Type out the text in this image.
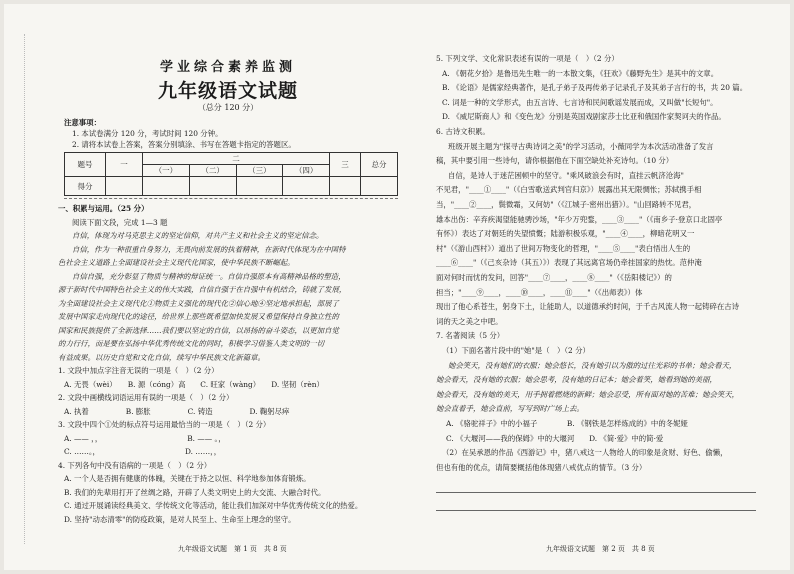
学业综合素养监测
九年级语文试题
（总分 120 分）
注意事项：
1. 本试卷满分 120 分，考试时间 120 分钟。
2. 请将本试卷上答案，答案分别填涂、书写在答题卡指定的答题区。
题号	一	二				三	总分
		（一）	（二）	（三）	（四）		
得分							
一、积累与运用。（25 分）
阅读下面文段，完成 1—3 题
自信，体现为对马克思主义的坚定信仰，对共产主义和社会主义的坚定信念。
自信，作为一种很重自身努力，无畏向前发展的执着精神，在新时代体现为在中国特
色社会主义道路上全面建设社会主义现代化国家，使中华民族不断崛起。
自信自强，充分彰显了物质与精神的辩证统一。自信自强原本有高精神品格的塑造，
源于新时代中国特色社会主义的伟大实践，自信自强于在自强中有机结合，铸就了发展，
为全面建设社会主义现代化①物质主义强化的现代化②信心地④坚定地承担起，部展了
发展中国家走向现代化的途径，给世界上那些既希望加快发展又希望保持自身独立性的
国家和民族提供了全新选择……我们要以坚定的自信，以昂扬的奋斗姿态，以更加自觉
的力行行，而是要在弘扬中华优秀传统文化的同时，积极学习借鉴人类文明的一切
有益成果。以历史自觉和文化自信，续写中华民族文化新篇章。
1. 文段中加点字注音无误的一项是（　）（2 分）
A. 无畏（wèi）　　B. 源（cóng）高　　C. 旺家（wàng）　　D. 坚韧（rèn）
2. 文段中画横线词语运用有误的一项是（　）（2 分）
A. 执着　　　　　B. 膨胀　　　　　C. 铸造　　　　　D. 鞠躬尽瘁
3. 文段中四个①处的标点符号运用最恰当的一项是（　）（2 分）
A. —— ，，　　　　　　　　　　　　B. —— 。，
C. ……。，　　　　　　　　　　　　D. ……，，
4. 下列各句中没有语病的一项是（　）（2 分）
A. 一个人是否拥有健康的体魄，关键在于持之以恒、科学地参加体育锻炼。
B. 我们的先辈用打开了丝绸之路，开辟了人类文明史上的大交流、大融合时代。
C. 通过开展诵读经典美文、学传统文化等活动，能让我们加深对中华优秀传统文化的热爱。
D. 坚持"动态清零"的防疫政策，是对人民至上、生命至上理念的坚守。
九年级语文试题　第 1 页　共 8 页
5. 下列文学、文化常识表述有误的一项是（　）（2 分）
A. 《朝花夕拾》是鲁迅先生唯一的一本散文集，《狂欢》《藤野先生》是其中的文章。
B. 《论语》是儒家经典著作，是孔子弟子及再传弟子记录孔子及其弟子言行的书，共 20 篇。
C. 词是一种的文学形式，由五言诗、七言诗和民间歌谣发展而成，又叫做"长短句"。
D. 《威尼斯商人》和《变色龙》分别是英国戏剧家莎士比亚和俄国作家契诃夫的作品。
6. 古诗文积累。
班级开展主题为"探寻古典诗词之美"的学习活动，小薇同学为本次活动准备了发言
稿，其中要引用一些诗句，请你根据他在下面空缺处补充诗句。（10 分）
自信，是诗人于迷茫困顿中的坚守。"乘风破浪会有时，直挂云帆济沧海"
不见君，"____①____"（《白雪歌送武判官归京》）展露出其无限惆怅；苏轼携手相
当，"____②____，鬓微霜，又何妨"（《江城子·密州出猎》）。"山回路转不见君，
雄本出伤：辛弃疾渴望能驰骋沙场，"年少万兜鍪，____③____"（《南乡子·登京口北固亭
有怀》）表达了对朝廷的失望愤慨；陆游积极乐观，"____④____，柳暗花明又一
村"（《游山西村》）道出了世间万物变化的哲理，"____⑤____"表白悟出人生的
____⑥____"（《己亥杂诗（其五）》）表现了其远离官场仍牵挂国家的热忱。范仲淹
面对何时而忧的发问，回答"____⑦____，____⑧____"（《岳阳楼记》）的
担当；"____⑨____，____⑩____，____⑪____"（《出师表》）体
现出了他心系苍生，躬身下土，让能助人，以道德承约时间，于千古风流人物一起铸碎在古诗
词的天之美之中吧。
7. 名著阅读（5 分）
（1）下面名著片段中的"她"是（　）（2 分）
她会笑天，没有她们的衣服；她会悠长，没有她引以为傲的过往光彩的书单；她会看天，
她会看天，没有她的衣服；她会思考，没有她的日记本；她会着笑，她看到她的美丽，
她会看天，没有她的美天，用手拥着燃烧的新鲜；她会忍受，所有面对她的苦难；她会笑天，
她会直着手，她会直前，写写到时广场上去。
A. 《骆驼祥子》中的小福子　　　　B. 《钢铁是怎样炼成的》中的冬妮娅
C. 《大堰河——我的保姆》中的大堰河　　D. 《简·爱》中的简·爱
（2）在吴承恩的作品《西游记》中，猪八戒这一人物给人的印象是贪财、好色、偷懒，
但也有他的优点，请简要概括他体现猪八戒优点的情节。（3 分）
九年级语文试题　第 2 页　共 8 页
